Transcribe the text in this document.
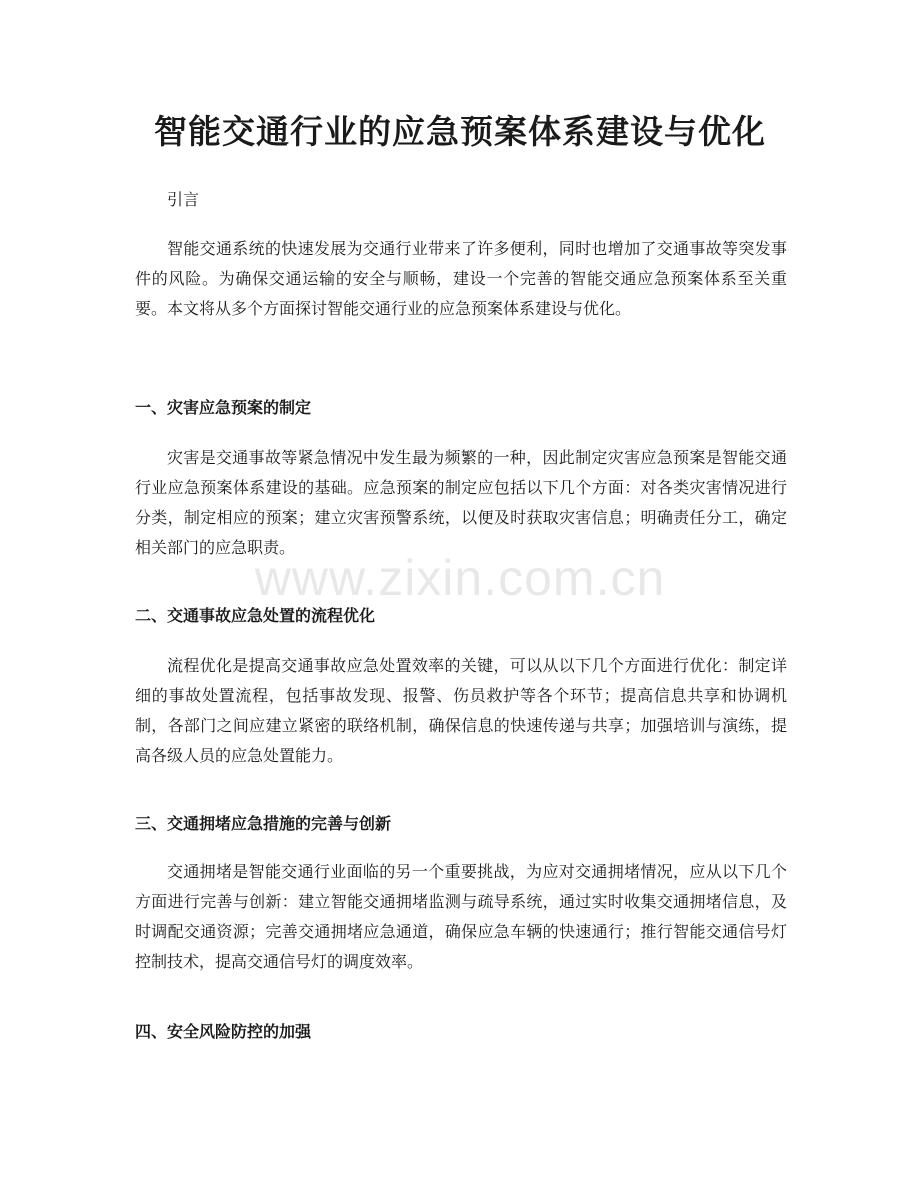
智能交通行业的应急预案体系建设与优化

引言

智能交通系统的快速发展为交通行业带来了许多便利，同时也增加了交通事故等突发事件的风险。为确保交通运输的安全与顺畅，建设一个完善的智能交通应急预案体系至关重要。本文将从多个方面探讨智能交通行业的应急预案体系建设与优化。

一、灾害应急预案的制定

灾害是交通事故等紧急情况中发生最为频繁的一种，因此制定灾害应急预案是智能交通行业应急预案体系建设的基础。应急预案的制定应包括以下几个方面：对各类灾害情况进行分类，制定相应的预案；建立灾害预警系统，以便及时获取灾害信息；明确责任分工，确定相关部门的应急职责。

二、交通事故应急处置的流程优化

流程优化是提高交通事故应急处置效率的关键，可以从以下几个方面进行优化：制定详细的事故处置流程，包括事故发现、报警、伤员救护等各个环节；提高信息共享和协调机制，各部门之间应建立紧密的联络机制，确保信息的快速传递与共享；加强培训与演练，提高各级人员的应急处置能力。

三、交通拥堵应急措施的完善与创新

交通拥堵是智能交通行业面临的另一个重要挑战，为应对交通拥堵情况，应从以下几个方面进行完善与创新：建立智能交通拥堵监测与疏导系统，通过实时收集交通拥堵信息，及时调配交通资源；完善交通拥堵应急通道，确保应急车辆的快速通行；推行智能交通信号灯控制技术，提高交通信号灯的调度效率。

四、安全风险防控的加强
www.zixin.com.cn
